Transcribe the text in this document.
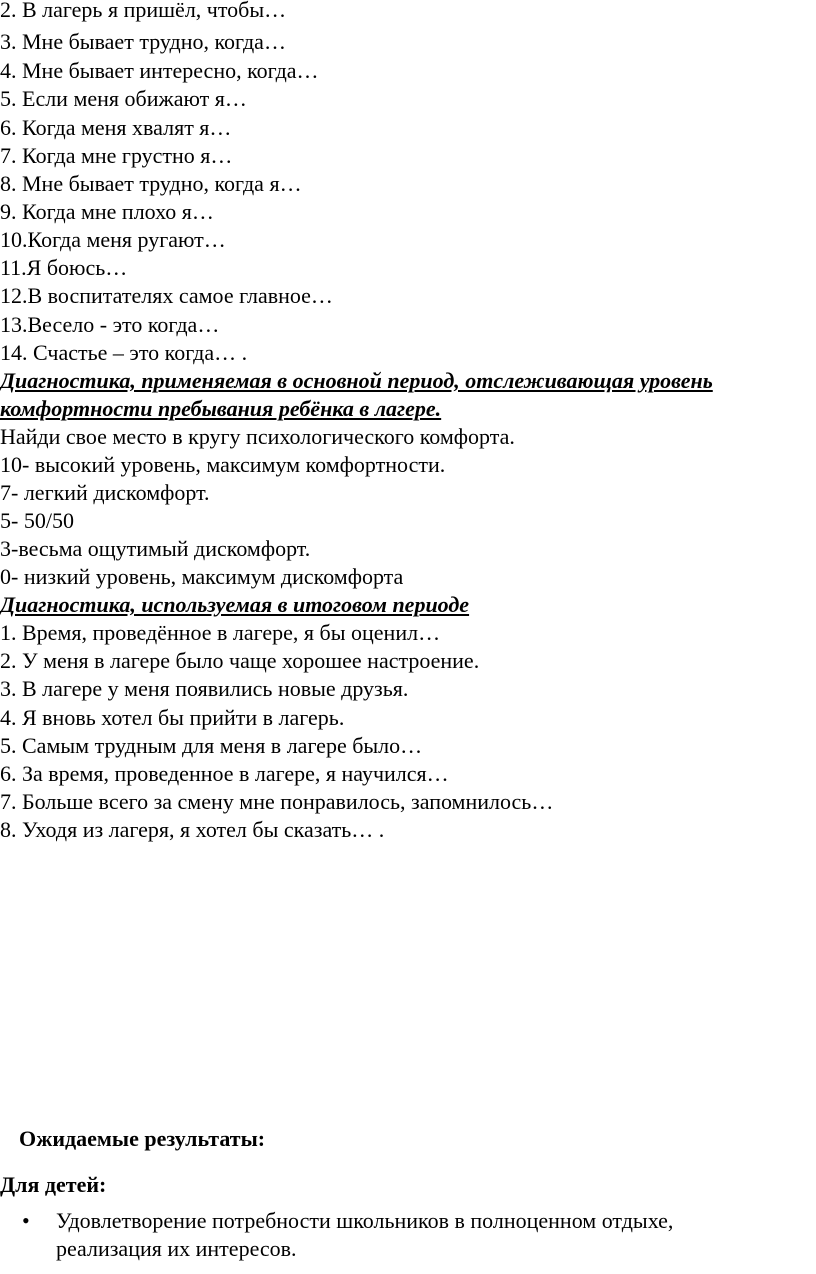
2. В лагерь я пришёл, чтобы…

3. Мне бывает трудно, когда…

4. Мне бывает интересно, когда…

5. Если меня обижают я…

6. Когда меня хвалят я…

7. Когда мне грустно я…

8. Мне бывает трудно, когда я…

9. Когда мне плохо я…

10.Когда меня ругают…

11.Я боюсь…

12.В воспитателях самое главное…

13.Весело - это когда…

14. Счастье – это когда… .

Диагностика, применяемая в основной период, отслеживающая уровень

комфортности пребывания ребёнка в лагере.

Найди свое место в кругу психологического комфорта.

10- высокий уровень, максимум комфортности.

7- легкий дискомфорт.

5- 50/50

3-весьма ощутимый дискомфорт.

0- низкий уровень, максимум дискомфорта

Диагностика, используемая в итоговом периоде

1. Время, проведённое в лагере, я бы оценил…

2. У меня в лагере было чаще хорошее настроение.

3. В лагере у меня появились новые друзья.

4. Я вновь хотел бы прийти в лагерь.

5. Самым трудным для меня в лагере было…

6. За время, проведенное в лагере, я научился…

7. Больше всего за смену мне понравилось, запомнилось…

8. Уходя из лагеря, я хотел бы сказать… .

Ожидаемые результаты:

Для детей:

• Удовлетворение потребности школьников в полноценном отдыхе,
реализация их интересов.
